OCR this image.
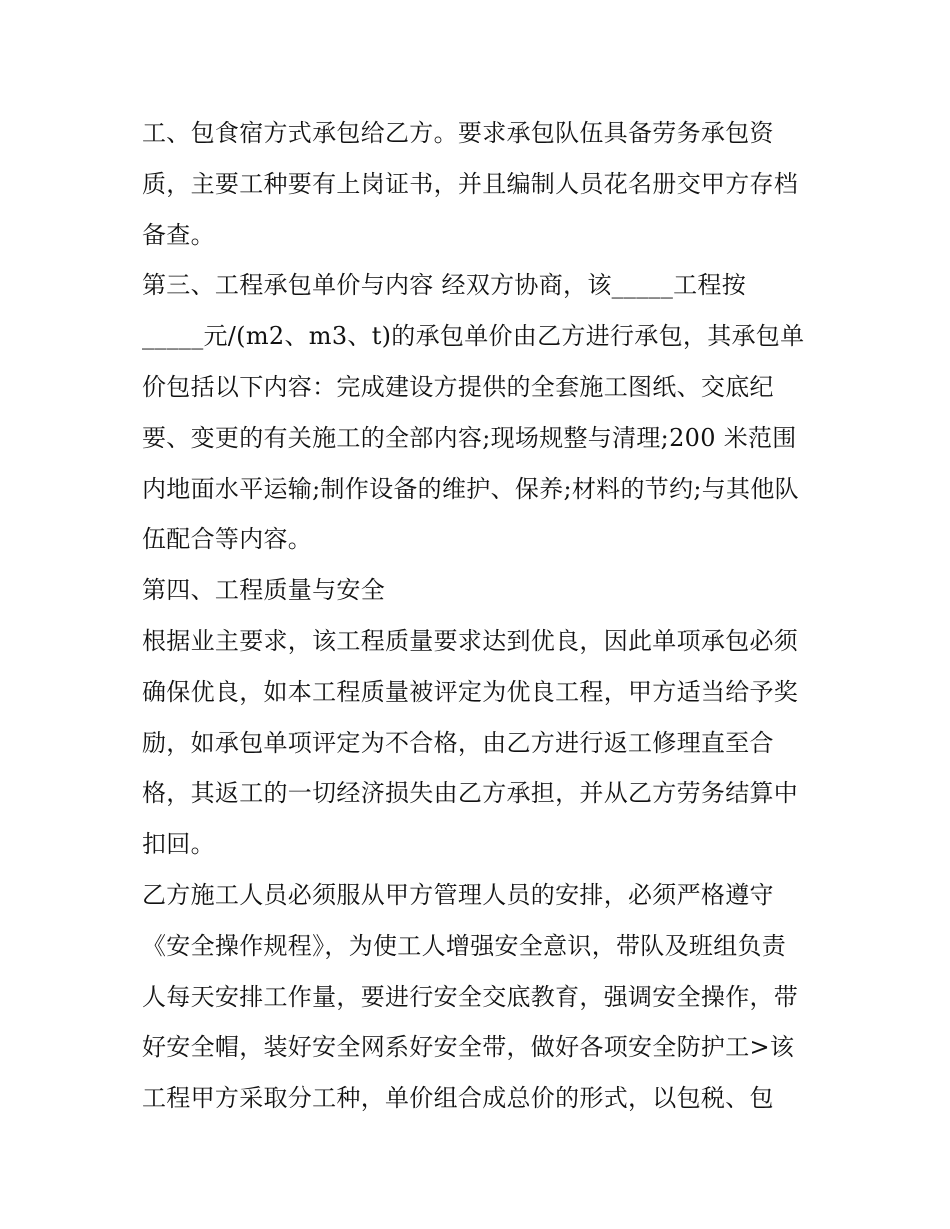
工、包食宿方式承包给乙方。要求承包队伍具备劳务承包资
质，主要工种要有上岗证书，并且编制人员花名册交甲方存档
备查。
第三、工程承包单价与内容 经双方协商，该_____工程按
_____元/(m2、m3、t)的承包单价由乙方进行承包，其承包单
价包括以下内容：完成建设方提供的全套施工图纸、交底纪
要、变更的有关施工的全部内容;现场规整与清理;200 米范围
内地面水平运输;制作设备的维护、保养;材料的节约;与其他队
伍配合等内容。
第四、工程质量与安全
根据业主要求，该工程质量要求达到优良，因此单项承包必须
确保优良，如本工程质量被评定为优良工程，甲方适当给予奖
励，如承包单项评定为不合格，由乙方进行返工修理直至合
格，其返工的一切经济损失由乙方承担，并从乙方劳务结算中
扣回。
乙方施工人员必须服从甲方管理人员的安排，必须严格遵守
《安全操作规程》，为使工人增强安全意识，带队及班组负责
人每天安排工作量，要进行安全交底教育，强调安全操作，带
好安全帽，装好安全网系好安全带，做好各项安全防护工>该
工程甲方采取分工种，单价组合成总价的形式，以包税、包
